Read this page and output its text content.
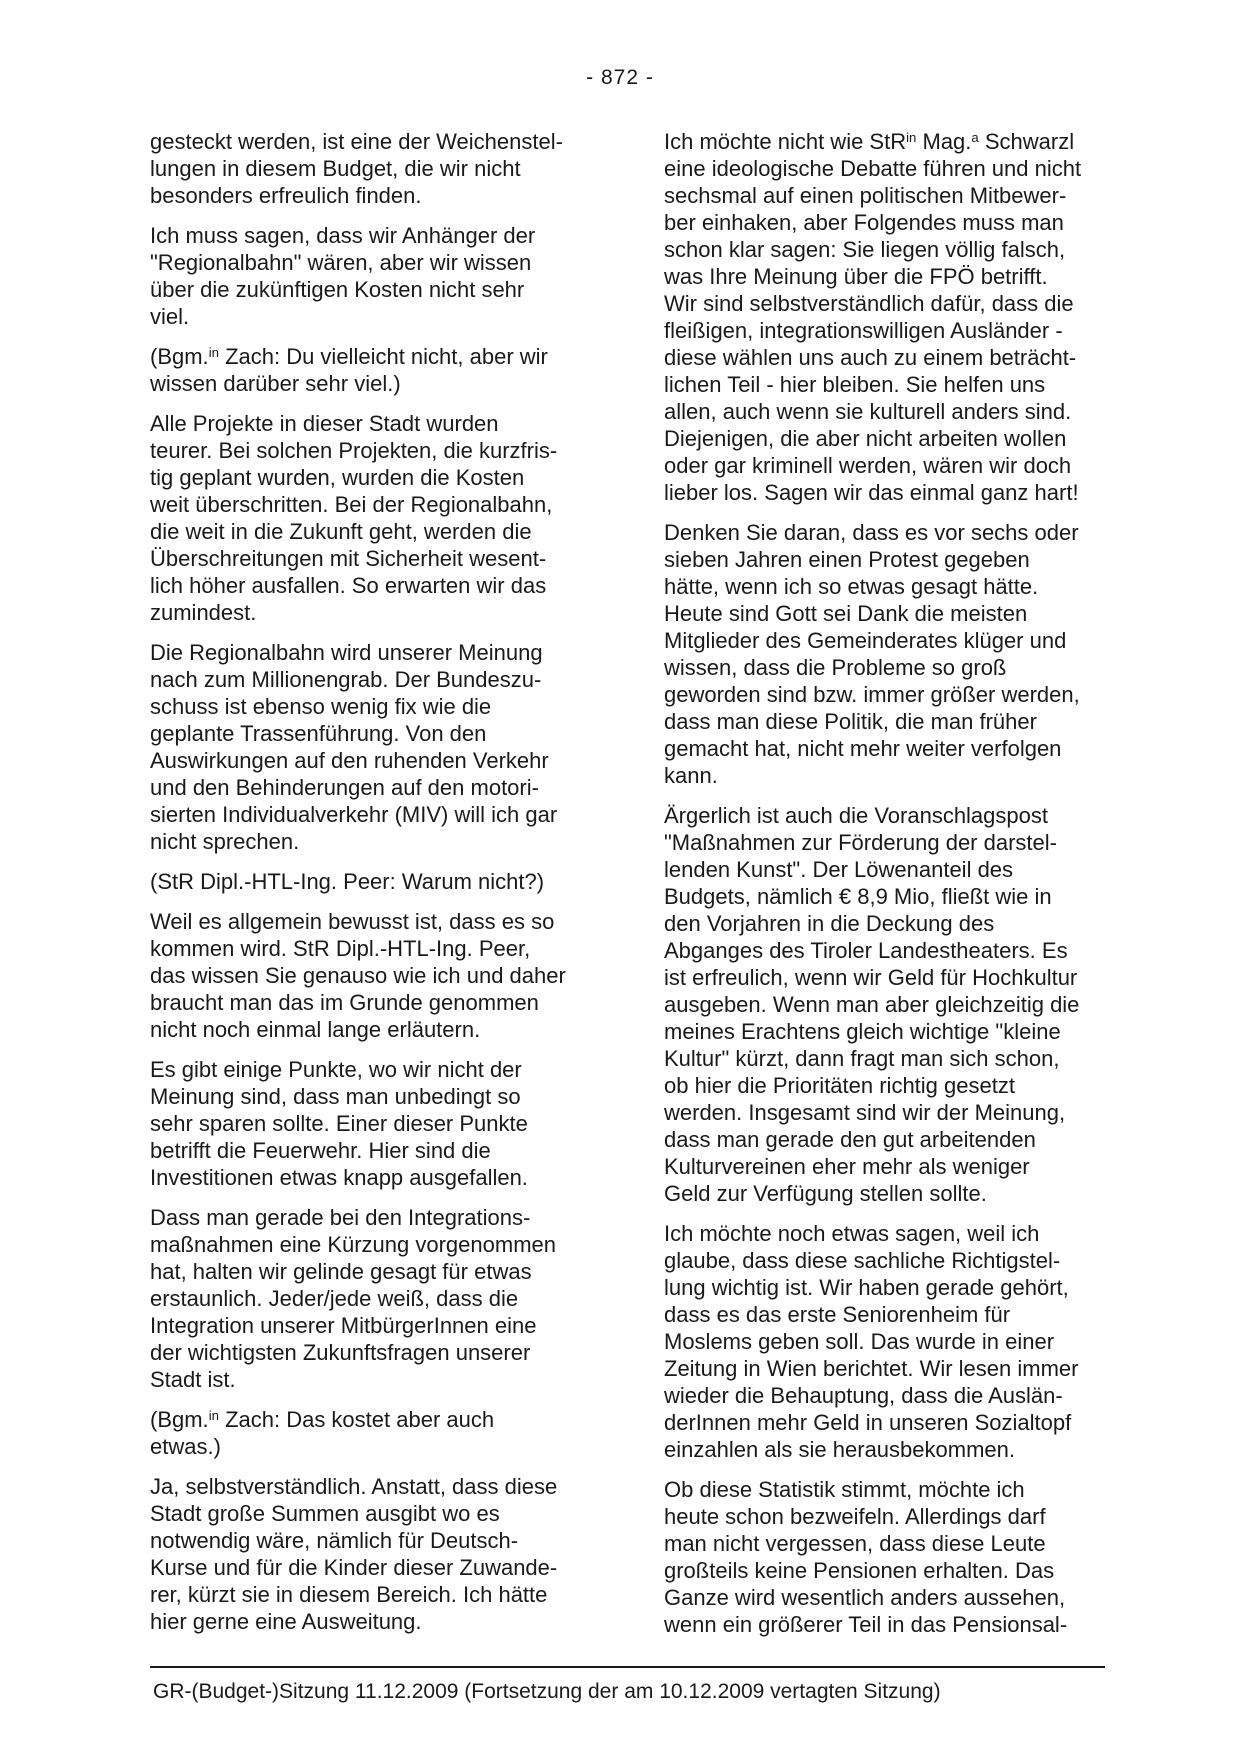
- 872 -

gesteckt werden, ist eine der Weichenstel-
lungen in diesem Budget, die wir nicht
besonders erfreulich finden.

Ich muss sagen, dass wir Anhänger der
"Regionalbahn" wären, aber wir wissen
über die zukünftigen Kosten nicht sehr
viel.

(Bgm.$^{in}$ Zach: Du vielleicht nicht, aber wir
wissen darüber sehr viel.)

Alle Projekte in dieser Stadt wurden
teurer. Bei solchen Projekten, die kurzfris-
tig geplant wurden, wurden die Kosten
weit überschritten. Bei der Regionalbahn,
die weit in die Zukunft geht, werden die
Überschreitungen mit Sicherheit wesent-
lich höher ausfallen. So erwarten wir das
zumindest.

Die Regionalbahn wird unserer Meinung
nach zum Millionengrab. Der Bundeszu-
schuss ist ebenso wenig fix wie die
geplante Trassenführung. Von den
Auswirkungen auf den ruhenden Verkehr
und den Behinderungen auf den motori-
sierten Individualverkehr (MIV) will ich gar
nicht sprechen.

(StR Dipl.-HTL-Ing. Peer: Warum nicht?)

Weil es allgemein bewusst ist, dass es so
kommen wird. StR Dipl.-HTL-Ing. Peer,
das wissen Sie genauso wie ich und daher
braucht man das im Grunde genommen
nicht noch einmal lange erläutern.

Es gibt einige Punkte, wo wir nicht der
Meinung sind, dass man unbedingt so
sehr sparen sollte. Einer dieser Punkte
betrifft die Feuerwehr. Hier sind die
Investitionen etwas knapp ausgefallen.

Dass man gerade bei den Integrations-
maßnahmen eine Kürzung vorgenommen
hat, halten wir gelinde gesagt für etwas
erstaunlich. Jeder/jede weiß, dass die
Integration unserer MitbürgerInnen eine
der wichtigsten Zukunftsfragen unserer
Stadt ist.

(Bgm.$^{in}$ Zach: Das kostet aber auch
etwas.)

Ja, selbstverständlich. Anstatt, dass diese
Stadt große Summen ausgibt wo es
notwendig wäre, nämlich für Deutsch-
Kurse und für die Kinder dieser Zuwande-
rer, kürzt sie in diesem Bereich. Ich hätte
hier gerne eine Ausweitung.

Ich möchte nicht wie StR$^{in}$ Mag.$^a$ Schwarzl
eine ideologische Debatte führen und nicht
sechsmal auf einen politischen Mitbewer-
ber einhaken, aber Folgendes muss man
schon klar sagen: Sie liegen völlig falsch,
was Ihre Meinung über die FPÖ betrifft.
Wir sind selbstverständlich dafür, dass die
fleißigen, integrationswilligen Ausländer -
diese wählen uns auch zu einem beträcht-
lichen Teil - hier bleiben. Sie helfen uns
allen, auch wenn sie kulturell anders sind.
Diejenigen, die aber nicht arbeiten wollen
oder gar kriminell werden, wären wir doch
lieber los. Sagen wir das einmal ganz hart!

Denken Sie daran, dass es vor sechs oder
sieben Jahren einen Protest gegeben
hätte, wenn ich so etwas gesagt hätte.
Heute sind Gott sei Dank die meisten
Mitglieder des Gemeinderates klüger und
wissen, dass die Probleme so groß
geworden sind bzw. immer größer werden,
dass man diese Politik, die man früher
gemacht hat, nicht mehr weiter verfolgen
kann.

Ärgerlich ist auch die Voranschlagspost
"Maßnahmen zur Förderung der darstel-
lenden Kunst". Der Löwenanteil des
Budgets, nämlich € 8,9 Mio, fließt wie in
den Vorjahren in die Deckung des
Abganges des Tiroler Landestheaters. Es
ist erfreulich, wenn wir Geld für Hochkultur
ausgeben. Wenn man aber gleichzeitig die
meines Erachtens gleich wichtige "kleine
Kultur" kürzt, dann fragt man sich schon,
ob hier die Prioritäten richtig gesetzt
werden. Insgesamt sind wir der Meinung,
dass man gerade den gut arbeitenden
Kulturvereinen eher mehr als weniger
Geld zur Verfügung stellen sollte.

Ich möchte noch etwas sagen, weil ich
glaube, dass diese sachliche Richtigstel-
lung wichtig ist. Wir haben gerade gehört,
dass es das erste Seniorenheim für
Moslems geben soll. Das wurde in einer
Zeitung in Wien berichtet. Wir lesen immer
wieder die Behauptung, dass die Auslän-
derInnen mehr Geld in unseren Sozialtopf
einzahlen als sie herausbekommen.

Ob diese Statistik stimmt, möchte ich
heute schon bezweifeln. Allerdings darf
man nicht vergessen, dass diese Leute
großteils keine Pensionen erhalten. Das
Ganze wird wesentlich anders aussehen,
wenn ein größerer Teil in das Pensionsal-

GR-(Budget-)Sitzung 11.12.2009 (Fortsetzung der am 10.12.2009 vertagten Sitzung)
